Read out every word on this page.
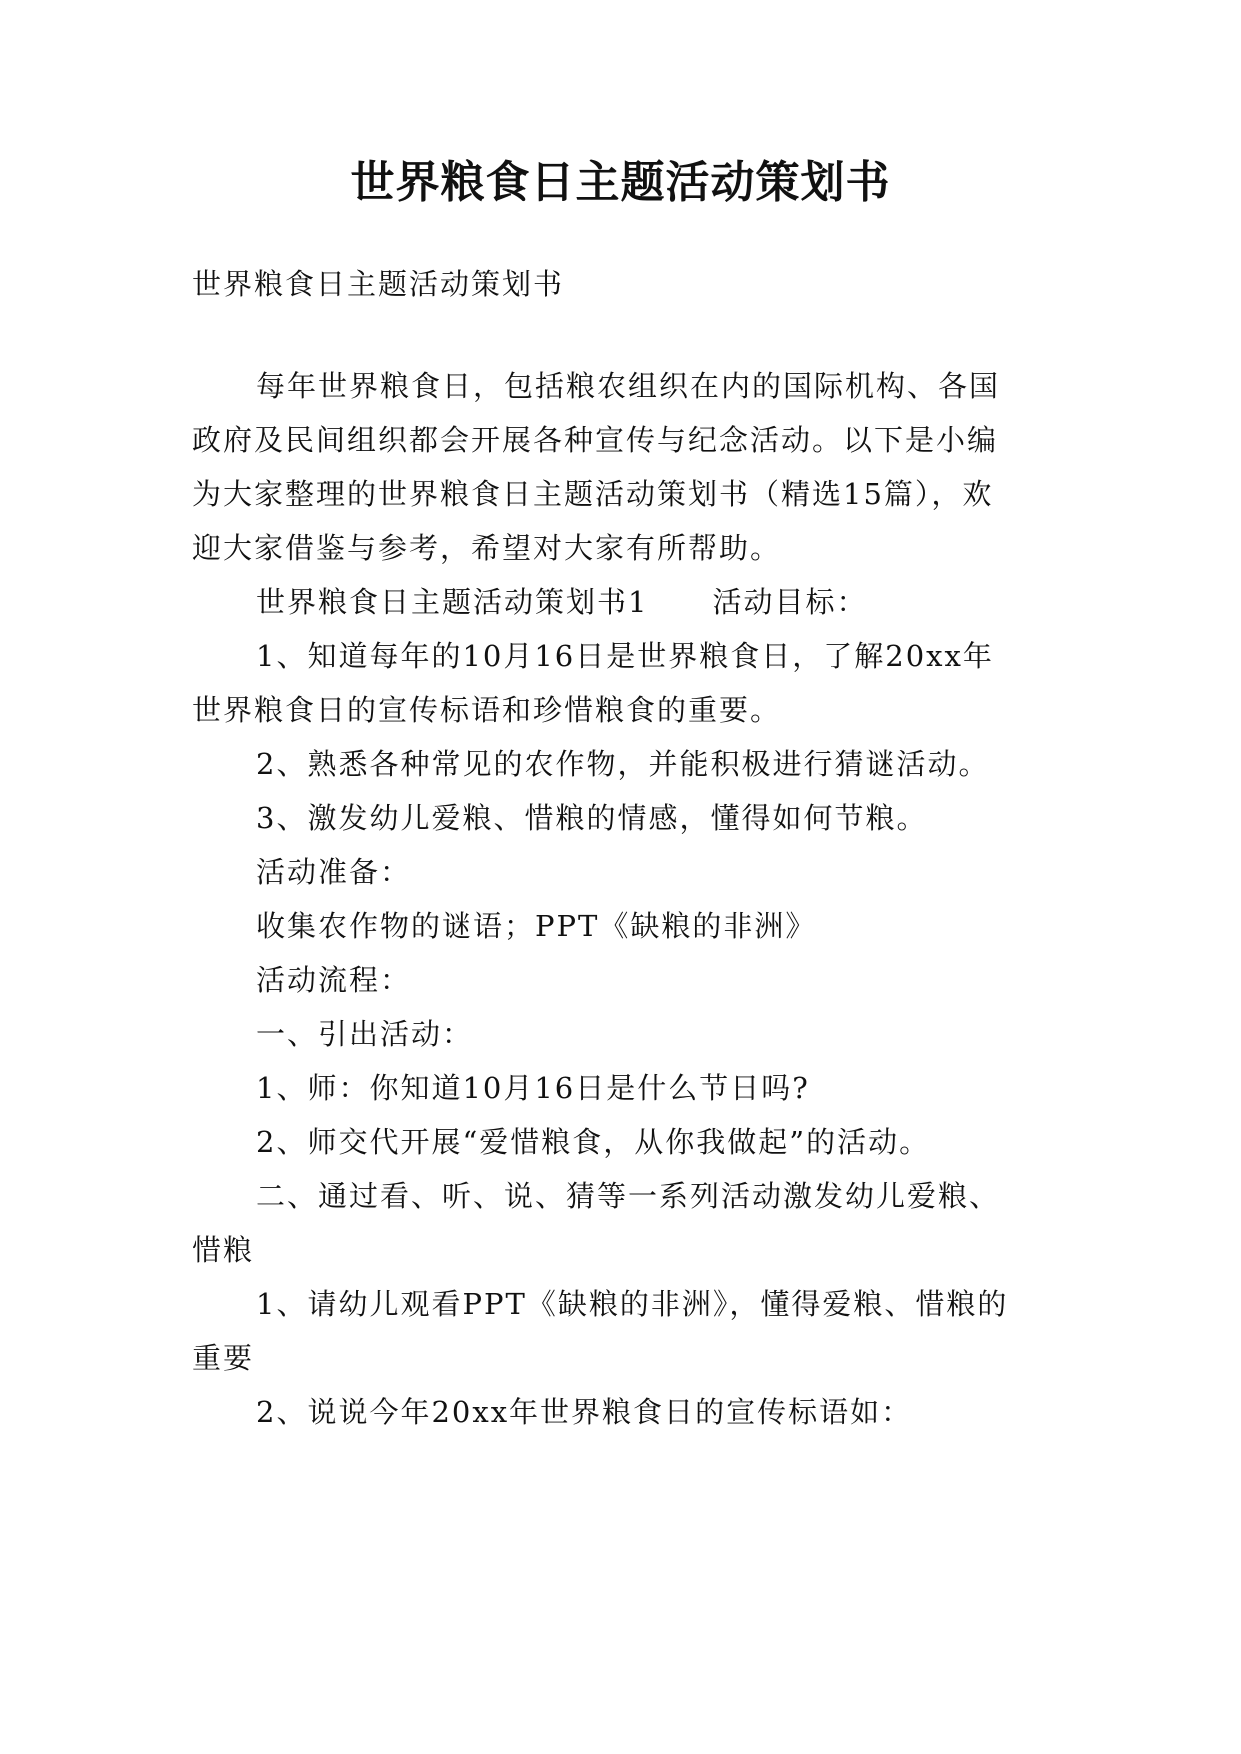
世界粮食日主题活动策划书
世界粮食日主题活动策划书
每年世界粮食日，包括粮农组织在内的国际机构、各国
政府及民间组织都会开展各种宣传与纪念活动。以下是小编
为大家整理的世界粮食日主题活动策划书（精选15篇），欢
迎大家借鉴与参考，希望对大家有所帮助。
世界粮食日主题活动策划书1 活动目标：
1、知道每年的10月16日是世界粮食日，了解20xx年
世界粮食日的宣传标语和珍惜粮食的重要。
2、熟悉各种常见的农作物，并能积极进行猜谜活动。
3、激发幼儿爱粮、惜粮的情感，懂得如何节粮。
活动准备：
收集农作物的谜语；PPT《缺粮的非洲》
活动流程：
一、引出活动：
1、师：你知道10月16日是什么节日吗?
2、师交代开展“爱惜粮食，从你我做起”的活动。
二、通过看、听、说、猜等一系列活动激发幼儿爱粮、
惜粮
1、请幼儿观看PPT《缺粮的非洲》，懂得爱粮、惜粮的
重要
2、说说今年20xx年世界粮食日的宣传标语如：
